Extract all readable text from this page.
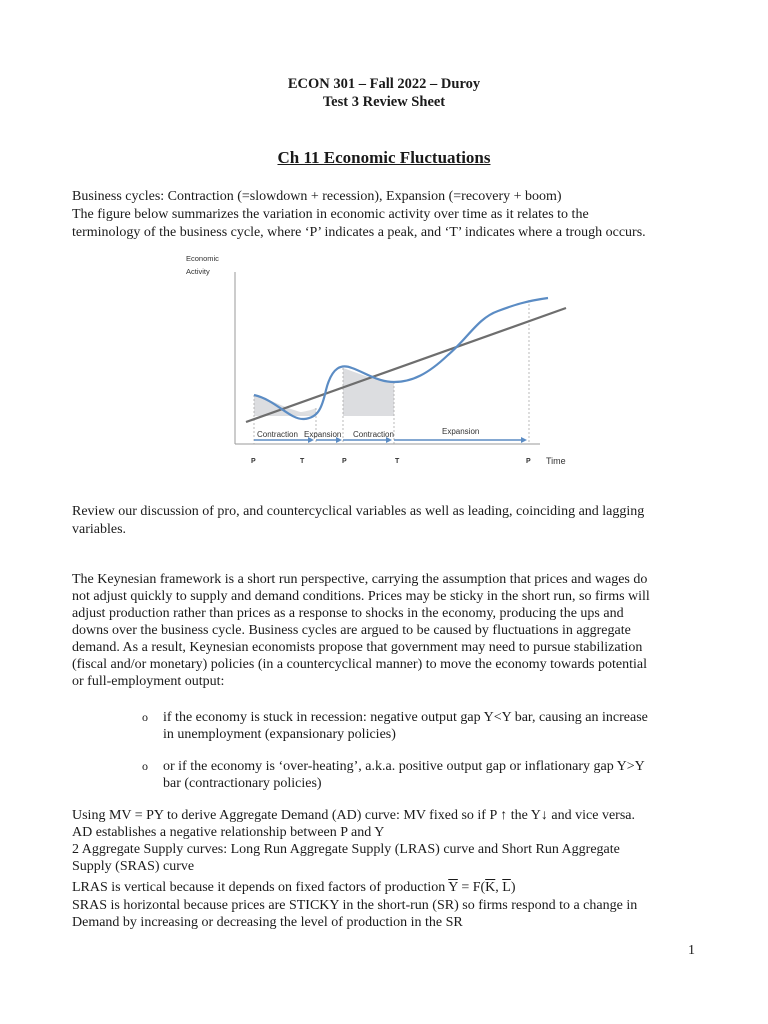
ECON 301 – Fall 2022 – Duroy
Test 3 Review Sheet
Ch 11 Economic Fluctuations
Business cycles: Contraction (=slowdown + recession), Expansion (=recovery + boom)
The figure below summarizes the variation in economic activity over time as it relates to the
terminology of the business cycle, where ‘P’ indicates a peak, and ‘T’ indicates where a trough occurs.
Contraction Expansion Contraction	Expansion
Economic
Activity
Time
P	T	P	T	P
Review our discussion of pro, and countercyclical variables as well as leading, coinciding and lagging
variables.
The Keynesian framework is a short run perspective, carrying the assumption that prices and wages do
not adjust quickly to supply and demand conditions. Prices may be sticky in the short run, so firms will
adjust production rather than prices as a response to shocks in the economy, producing the ups and
downs over the business cycle. Business cycles are argued to be caused by fluctuations in aggregate
demand. As a result, Keynesian economists propose that government may need to pursue stabilization
(fiscal and/or monetary) policies (in a countercyclical manner) to move the economy towards potential
or full-employment output:
o if the economy is stuck in recession: negative output gap Y<Y bar, causing an increase
in unemployment (expansionary policies)
o or if the economy is ‘over-heating’, a.k.a. positive output gap or inflationary gap Y>Y
bar (contractionary policies)
Using MV = PY to derive Aggregate Demand (AD) curve: MV fixed so if P ↑ the Y↓ and vice versa.
AD establishes a negative relationship between P and Y
2 Aggregate Supply curves: Long Run Aggregate Supply (LRAS) curve and Short Run Aggregate
Supply (SRAS) curve
LRAS is vertical because it depends on fixed factors of production $\overline{Y} = F(\overline{K}$, $\overline{L}$)
SRAS is horizontal because prices are STICKY in the short-run (SR) so firms respond to a change in
Demand by increasing or decreasing the level of production in the SR
1
